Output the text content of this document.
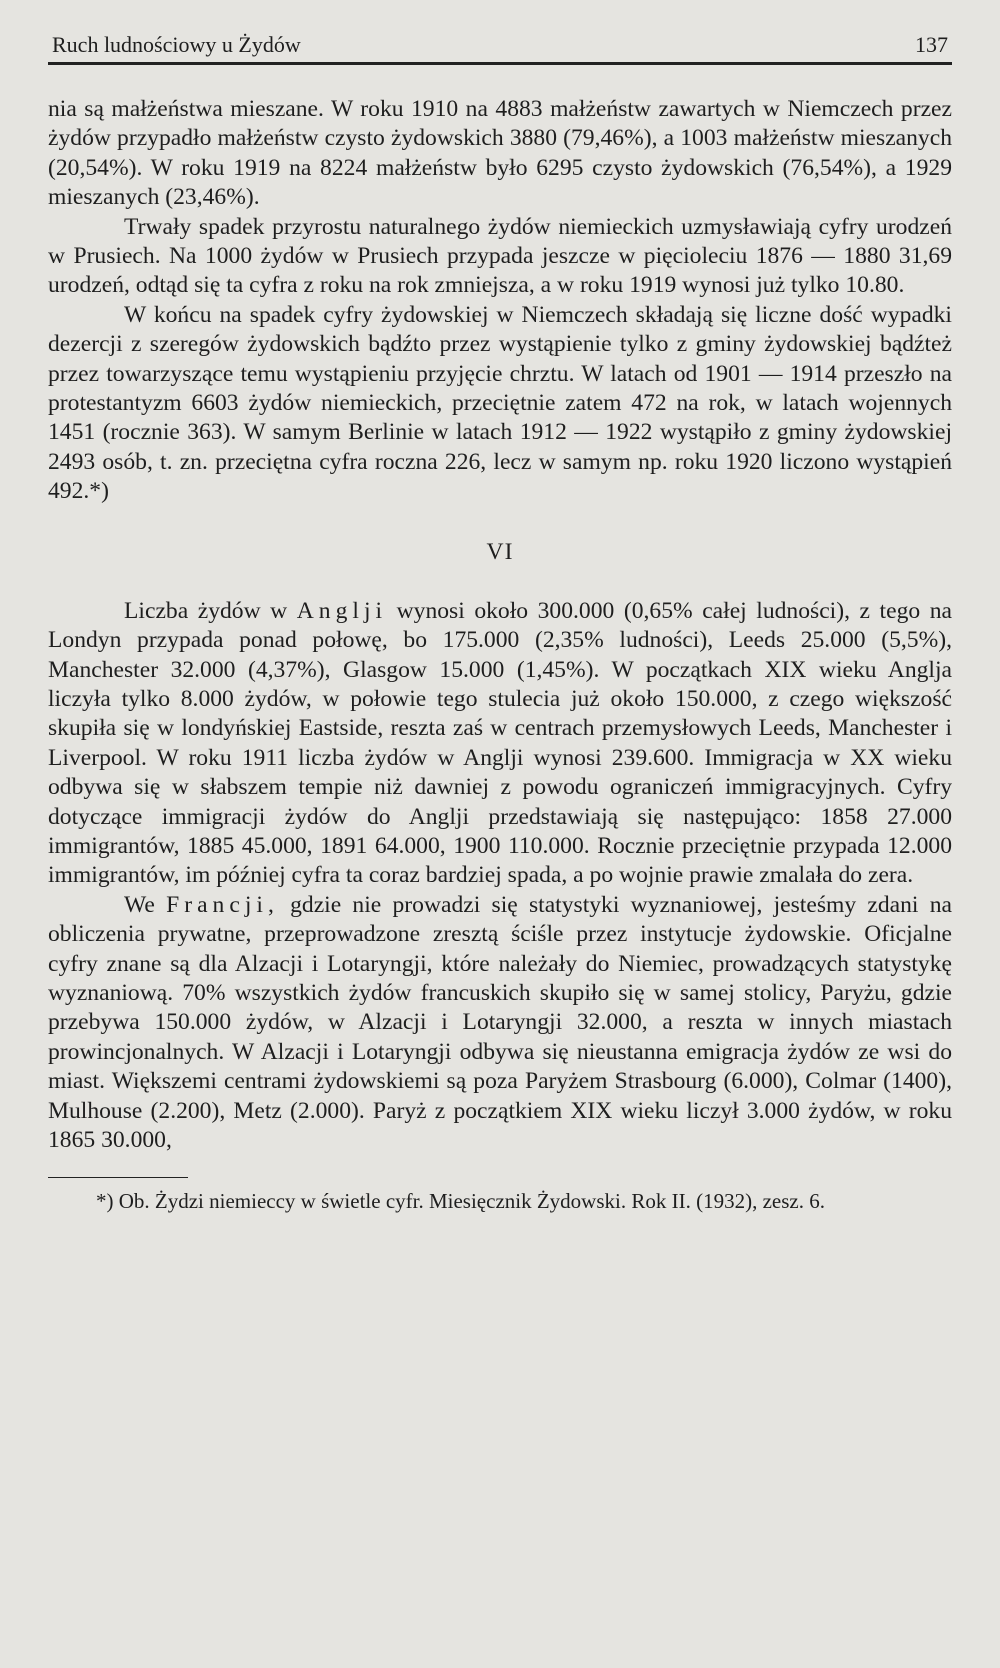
Ruch ludnościowy u Żydów	137

nia są małżeństwa mieszane. W roku 1910 na 4883 małżeństw zawartych w Niemczech przez żydów przypadło małżeństw czysto żydowskich 3880 (79,46%), a 1003 małżeństw mieszanych (20,54%). W roku 1919 na 8224 małżeństw było 6295 czysto żydowskich (76,54%), a 1929 mieszanych (23,46%).

Trwały spadek przyrostu naturalnego żydów niemieckich uzmysławiają cyfry urodzeń w Prusiech. Na 1000 żydów w Prusiech przypada jeszcze w pięcioleciu 1876 — 1880 31,69 urodzeń, odtąd się ta cyfra z roku na rok zmniejsza, a w roku 1919 wynosi już tylko 10.80.

W końcu na spadek cyfry żydowskiej w Niemczech składają się liczne dość wypadki dezercji z szeregów żydowskich bądźto przez wystąpienie tylko z gminy żydowskiej bądźteż przez towarzyszące temu wystąpieniu przyjęcie chrztu. W latach od 1901 — 1914 przeszło na protestantyzm 6603 żydów niemieckich, przeciętnie zatem 472 na rok, w latach wojennych 1451 (rocznie 363). W samym Berlinie w latach 1912 — 1922 wystąpiło z gminy żydowskiej 2493 osób, t. zn. przeciętna cyfra roczna 226, lecz w samym np. roku 1920 liczono wystąpień 492.*)

VI

Liczba żydów w Anglji wynosi około 300.000 (0,65% całej ludności), z tego na Londyn przypada ponad połowę, bo 175.000 (2,35% ludności), Leeds 25.000 (5,5%), Manchester 32.000 (4,37%), Glasgow 15.000 (1,45%). W początkach XIX wieku Anglja liczyła tylko 8.000 żydów, w połowie tego stulecia już około 150.000, z czego większość skupiła się w londyńskiej Eastside, reszta zaś w centrach przemysłowych Leeds, Manchester i Liverpool. W roku 1911 liczba żydów w Anglji wynosi 239.600. Immigracja w XX wieku odbywa się w słabszem tempie niż dawniej z powodu ograniczeń immigracyjnych. Cyfry dotyczące immigracji żydów do Anglji przedstawiają się następująco: 1858 27.000 immigrantów, 1885 45.000, 1891 64.000, 1900 110.000. Rocznie przeciętnie przypada 12.000 immigrantów, im później cyfra ta coraz bardziej spada, a po wojnie prawie zmalała do zera.

We Francji, gdzie nie prowadzi się statystyki wyznaniowej, jesteśmy zdani na obliczenia prywatne, przeprowadzone zresztą ściśle przez instytucje żydowskie. Oficjalne cyfry znane są dla Alzacji i Lotaryngji, które należały do Niemiec, prowadzących statystykę wyznaniową. 70% wszystkich żydów francuskich skupiło się w samej stolicy, Paryżu, gdzie przebywa 150.000 żydów, w Alzacji i Lotaryngji 32.000, a reszta w innych miastach prowincjonalnych. W Alzacji i Lotaryngji odbywa się nieustanna emigracja żydów ze wsi do miast. Większemi centrami żydowskiemi są poza Paryżem Strasbourg (6.000), Colmar (1400), Mulhouse (2.200), Metz (2.000). Paryż z początkiem XIX wieku liczył 3.000 żydów, w roku 1865 30.000,

*) Ob. Żydzi niemieccy w świetle cyfr. Miesięcznik Żydowski. Rok II. (1932), zesz. 6.
